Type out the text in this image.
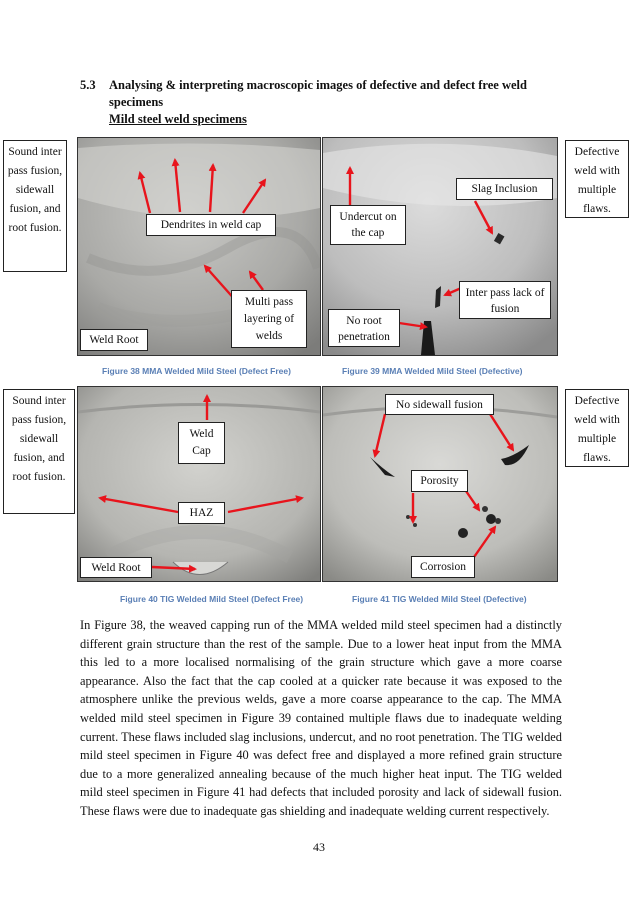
5.3 Analysing & interpreting macroscopic images of defective and defect free weld specimens
Mild steel weld specimens
Dendrites in weld cap
Multi pass layering of welds
Weld Root
Slag Inclusion
Undercut on the cap
Inter pass lack of fusion
No root penetration
Weld Cap
HAZ
Weld Root
No sidewall fusion
Porosity
Corrosion
Sound inter pass fusion, sidewall fusion, and root fusion.
Defective weld with multiple flaws.
Sound inter pass fusion, sidewall fusion, and root fusion.
Defective weld with multiple flaws.
Figure 38 MMA Welded Mild Steel (Defect Free)	Figure 39 MMA Welded Mild Steel (Defective)
Figure 40 TIG Welded Mild Steel (Defect Free)	Figure 41 TIG Welded Mild Steel (Defective)
In Figure 38, the weaved capping run of the MMA welded mild steel specimen had a distinctly different grain structure than the rest of the sample. Due to a lower heat input from the MMA this led to a more localised normalising of the grain structure which gave a more coarse appearance. Also the fact that the cap cooled at a quicker rate because it was exposed to the atmosphere unlike the previous welds, gave a more coarse appearance to the cap. The MMA welded mild steel specimen in Figure 39 contained multiple flaws due to inadequate welding current. These flaws included slag inclusions, undercut, and no root penetration. The TIG welded mild steel specimen in Figure 40 was defect free and displayed a more refined grain structure due to a more generalized annealing because of the much higher heat input. The TIG welded mild steel specimen in Figure 41 had defects that included porosity and lack of sidewall fusion. These flaws were due to inadequate gas shielding and inadequate welding current respectively.
43
